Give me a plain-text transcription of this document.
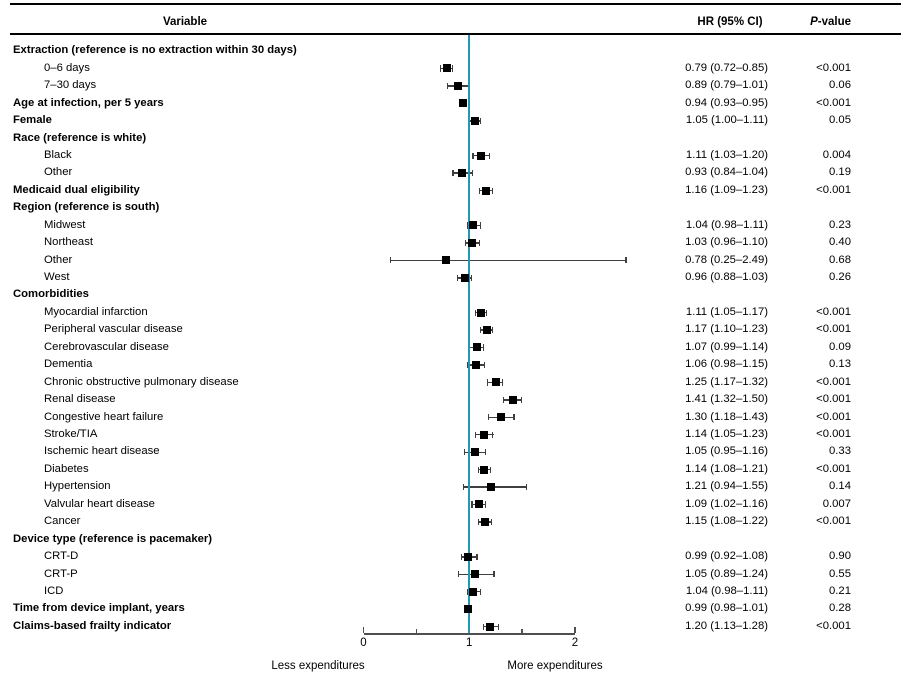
Variable	HR (95% CI)	P-value
Extraction (reference is no extraction within 30 days)
0–6 days	0.79 (0.72–0.85)	<0.001
7–30 days	0.89 (0.79–1.01)	0.06
Age at infection, per 5 years	0.94 (0.93–0.95)	<0.001
Female	1.05 (1.00–1.11)	0.05
Race (reference is white)
Black	1.11 (1.03–1.20)	0.004
Other	0.93 (0.84–1.04)	0.19
Medicaid dual eligibility	1.16 (1.09–1.23)	<0.001
Region (reference is south)
Midwest	1.04 (0.98–1.11)	0.23
Northeast	1.03 (0.96–1.10)	0.40
Other	0.78 (0.25–2.49)	0.68
West	0.96 (0.88–1.03)	0.26
Comorbidities
Myocardial infarction	1.11 (1.05–1.17)	<0.001
Peripheral vascular disease	1.17 (1.10–1.23)	<0.001
Cerebrovascular disease	1.07 (0.99–1.14)	0.09
Dementia	1.06 (0.98–1.15)	0.13
Chronic obstructive pulmonary disease	1.25 (1.17–1.32)	<0.001
Renal disease	1.41 (1.32–1.50)	<0.001
Congestive heart failure	1.30 (1.18–1.43)	<0.001
Stroke/TIA	1.14 (1.05–1.23)	<0.001
Ischemic heart disease	1.05 (0.95–1.16)	0.33
Diabetes	1.14 (1.08–1.21)	<0.001
Hypertension	1.21 (0.94–1.55)	0.14
Valvular heart disease	1.09 (1.02–1.16)	0.007
Cancer	1.15 (1.08–1.22)	<0.001
Device type (reference is pacemaker)
CRT-D	0.99 (0.92–1.08)	0.90
CRT-P	1.05 (0.89–1.24)	0.55
ICD	1.04 (0.98–1.11)	0.21
Time from device implant, years	0.99 (0.98–1.01)	0.28
Claims-based frailty indicator	1.20 (1.13–1.28)	<0.001
0	1	2
Less expenditures	More expenditures
